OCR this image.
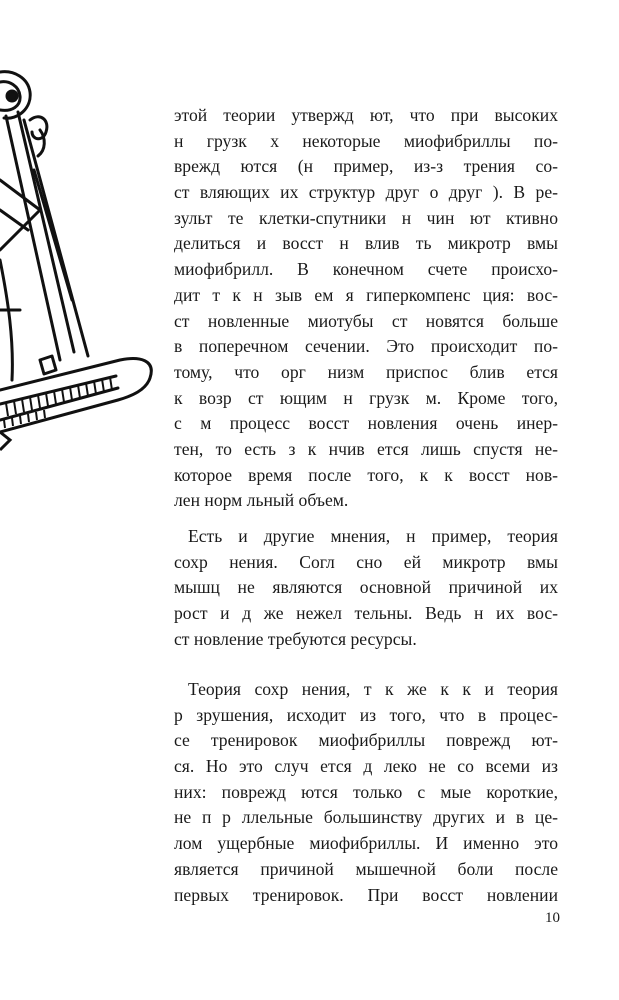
этой теории утвержд ют, что при высоких
н грузк х некоторые миофибриллы по-
врежд ются (н пример, из-з трения со-
ст вляющих их структур друг о друг ). В ре-
зульт те клетки-спутники н чин ют ктивно
делиться и восст н влив ть микротр вмы
миофибрилл. В конечном счете происхо-
дит т к н зыв ем я гиперкомпенс ция: вос-
ст новленные миотубы ст новятся больше
в поперечном сечении. Это происходит по-
тому, что орг низм приспос блив ется
к возр ст ющим н грузк м. Кроме того,
с м процесс восст новления очень инер-
тен, то есть з к нчив ется лишь спустя не-
которое время после того, к к восст нов-
лен норм льный объем.
Есть и другие мнения, н пример, теория
сохр нения. Согл сно ей микротр вмы
мышц не являются основной причиной их
рост и д же нежел тельны. Ведь н их вос-
ст новление требуются ресурсы.
Теория сохр нения, т к же к к и теория
р зрушения, исходит из того, что в процес-
се тренировок миофибриллы поврежд ют-
ся. Но это случ ется д леко не со всеми из
них: поврежд ются только с мые короткие,
не п р ллельные большинству других и в це-
лом ущербные миофибриллы. И именно это
является причиной мышечной боли после
первых тренировок. При восст новлении
10
